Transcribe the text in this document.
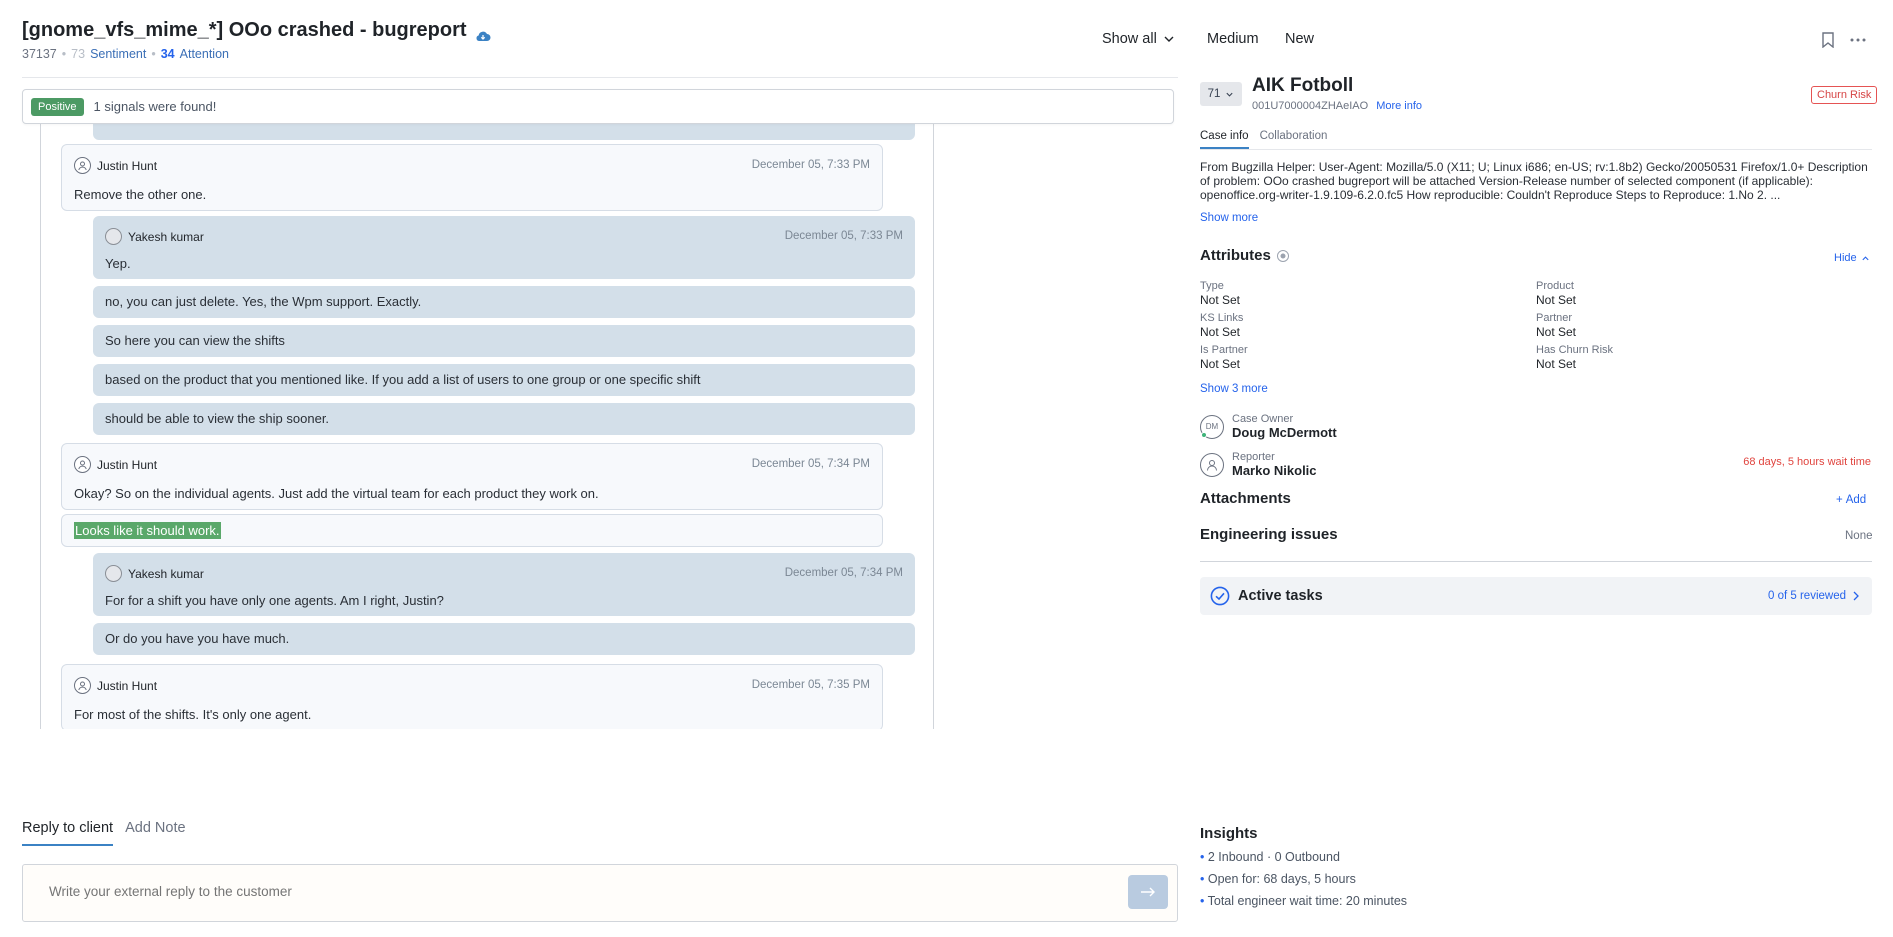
[gnome_vfs_mime_*] OOo crashed - bugreport
37137 • 73 Sentiment • 34 Attention
Show all	Medium New
Positive	1 signals were found!
Justin Hunt	December 05, 7:33 PM
Remove the other one.
Yakesh kumar	December 05, 7:33 PM
Yep.
no, you can just delete. Yes, the Wpm support. Exactly.
So here you can view the shifts
based on the product that you mentioned like. If you add a list of users to one group or one specific shift
should be able to view the ship sooner.
Justin Hunt	December 05, 7:34 PM
Okay? So on the individual agents. Just add the virtual team for each product they work on.
Looks like it should work.
Yakesh kumar	December 05, 7:34 PM
For for a shift you have only one agents. Am I right, Justin?
Or do you have you have much.
Justin Hunt	December 05, 7:35 PM
For most of the shifts. It's only one agent.
Reply to client Add Note
Write your external reply to the customer
71 AIK Fotboll
001U7000004ZHAeIAO More info
Churn Risk
Case info Collaboration
From Bugzilla Helper: User-Agent: Mozilla/5.0 (X11; U; Linux i686; en-US; rv:1.8b2) Gecko/20050531 Firefox/1.0+ Description of problem: OOo crashed bugreport will be attached Version-Release number of selected component (if applicable): openoffice.org-writer-1.9.109-6.2.0.fc5 How reproducible: Couldn't Reproduce Steps to Reproduce: 1.No 2. ...
Show more
Attributes	Hide
Type
Not Set
Product
Not Set
KS Links
Not Set
Partner
Not Set
Is Partner
Not Set
Has Churn Risk
Not Set
Show 3 more
DM
Case Owner
Doug McDermott
Reporter
Marko Nikolic
68 days, 5 hours wait time
Attachments	+ Add
Engineering issues	None
Active tasks	0 of 5 reviewed
Insights
• 2 Inbound · 0 Outbound
• Open for: 68 days, 5 hours
• Total engineer wait time: 20 minutes
